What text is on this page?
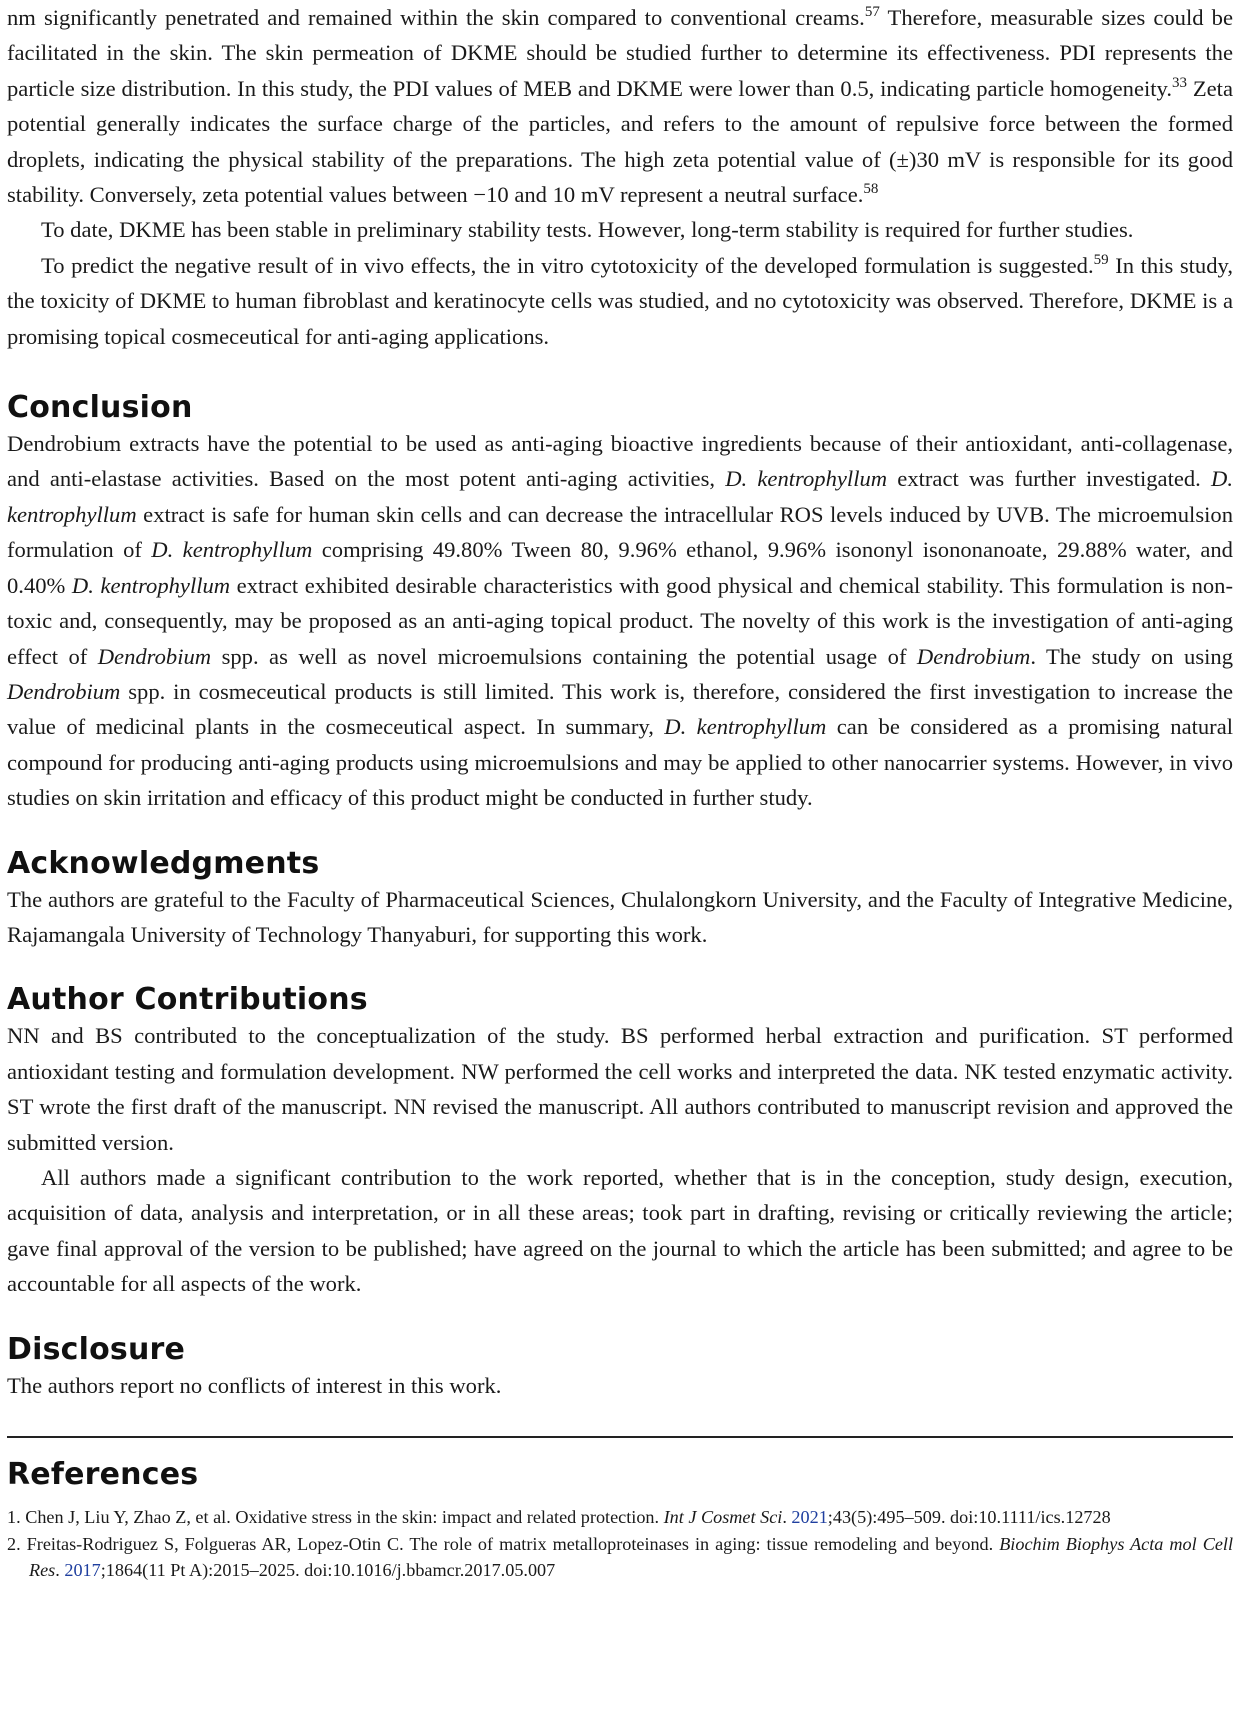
nm significantly penetrated and remained within the skin compared to conventional creams.$^{57}$ Therefore, measurable sizes could be facilitated in the skin. The skin permeation of DKME should be studied further to determine its effectiveness. PDI represents the particle size distribution. In this study, the PDI values of MEB and DKME were lower than 0.5, indicating particle homogeneity.$^{33}$ Zeta potential generally indicates the surface charge of the particles, and refers to the amount of repulsive force between the formed droplets, indicating the physical stability of the preparations. The high zeta potential value of (±)30 mV is responsible for its good stability. Conversely, zeta potential values between −10 and 10 mV represent a neutral surface.$^{58}$

To date, DKME has been stable in preliminary stability tests. However, long-term stability is required for further studies.

To predict the negative result of in vivo effects, the in vitro cytotoxicity of the developed formulation is suggested.$^{59}$ In this study, the toxicity of DKME to human fibroblast and keratinocyte cells was studied, and no cytotoxicity was observed. Therefore, DKME is a promising topical cosmeceutical for anti-aging applications.

Conclusion

Dendrobium extracts have the potential to be used as anti-aging bioactive ingredients because of their antioxidant, anti-collagenase, and anti-elastase activities. Based on the most potent anti-aging activities, D. kentrophyllum extract was further investigated. D. kentrophyllum extract is safe for human skin cells and can decrease the intracellular ROS levels induced by UVB. The microemulsion formulation of D. kentrophyllum comprising 49.80% Tween 80, 9.96% ethanol, 9.96% isononyl isononanoate, 29.88% water, and 0.40% D. kentrophyllum extract exhibited desirable characteristics with good physical and chemical stability. This formulation is non-toxic and, consequently, may be proposed as an anti-aging topical product. The novelty of this work is the investigation of anti-aging effect of Dendrobium spp. as well as novel microemulsions containing the potential usage of Dendrobium. The study on using Dendrobium spp. in cosmeceutical products is still limited. This work is, therefore, considered the first investigation to increase the value of medicinal plants in the cosmeceutical aspect. In summary, D. kentrophyllum can be considered as a promising natural compound for producing anti-aging products using microemulsions and may be applied to other nanocarrier systems. However, in vivo studies on skin irritation and efficacy of this product might be conducted in further study.

Acknowledgments

The authors are grateful to the Faculty of Pharmaceutical Sciences, Chulalongkorn University, and the Faculty of Integrative Medicine, Rajamangala University of Technology Thanyaburi, for supporting this work.

Author Contributions

NN and BS contributed to the conceptualization of the study. BS performed herbal extraction and purification. ST performed antioxidant testing and formulation development. NW performed the cell works and interpreted the data. NK tested enzymatic activity. ST wrote the first draft of the manuscript. NN revised the manuscript. All authors contributed to manuscript revision and approved the submitted version.

All authors made a significant contribution to the work reported, whether that is in the conception, study design, execution, acquisition of data, analysis and interpretation, or in all these areas; took part in drafting, revising or critically reviewing the article; gave final approval of the version to be published; have agreed on the journal to which the article has been submitted; and agree to be accountable for all aspects of the work.

Disclosure

The authors report no conflicts of interest in this work.

References
1. Chen J, Liu Y, Zhao Z, et al. Oxidative stress in the skin: impact and related protection. Int J Cosmet Sci. 2021;43(5):495–509. doi:10.1111/ics.12728
2. Freitas-Rodriguez S, Folgueras AR, Lopez-Otin C. The role of matrix metalloproteinases in aging: tissue remodeling and beyond. Biochim Biophys Acta mol Cell Res. 2017;1864(11 Pt A):2015–2025. doi:10.1016/j.bbamcr.2017.05.007
